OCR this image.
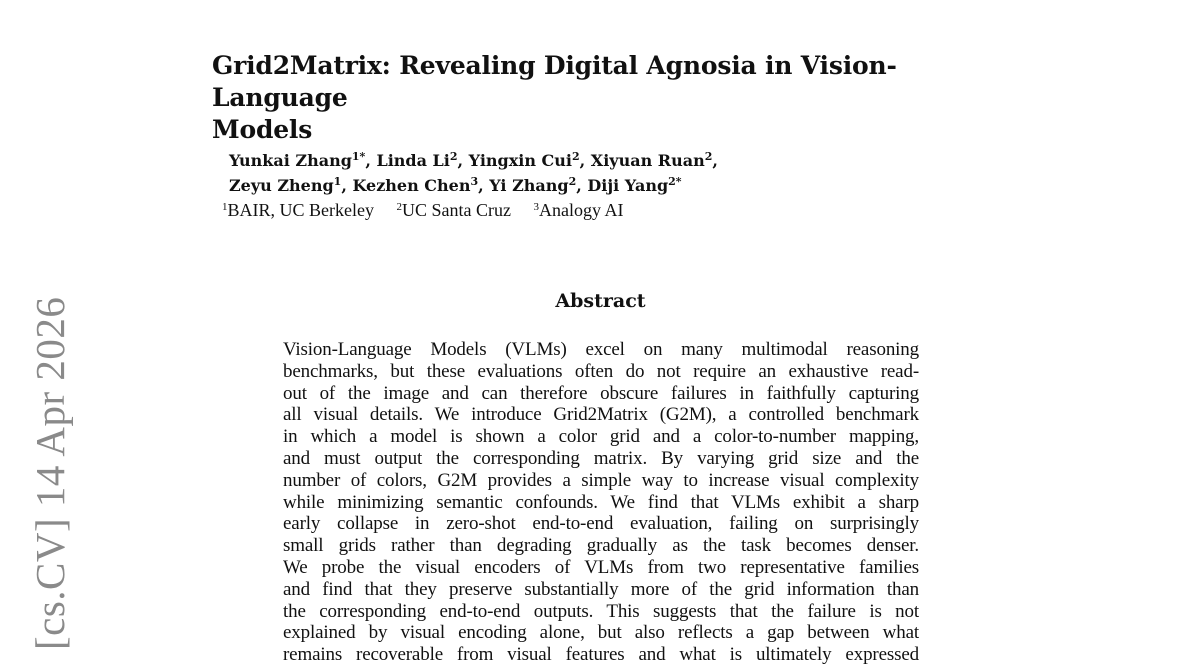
[cs.CV] 14 Apr 2026
Grid2Matrix: Revealing Digital Agnosia in Vision-Language
Models
Yunkai Zhang$^{1*}$, Linda Li$^2$, Yingxin Cui$^2$, Xiyuan Ruan$^2$,
Zeyu Zheng$^1$, Kezhen Chen$^3$, Yi Zhang$^2$, Diji Yang$^{2*}$
$^1$BAIR, UC Berkeley $^2$UC Santa Cruz $^3$Analogy AI
Abstract
Vision-Language Models (VLMs) excel on many multimodal reasoning
benchmarks, but these evaluations often do not require an exhaustive read-
out of the image and can therefore obscure failures in faithfully capturing
all visual details. We introduce Grid2Matrix (G2M), a controlled benchmark
in which a model is shown a color grid and a color-to-number mapping,
and must output the corresponding matrix. By varying grid size and the
number of colors, G2M provides a simple way to increase visual complexity
while minimizing semantic confounds. We find that VLMs exhibit a sharp
early collapse in zero-shot end-to-end evaluation, failing on surprisingly
small grids rather than degrading gradually as the task becomes denser.
We probe the visual encoders of VLMs from two representative families
and find that they preserve substantially more of the grid information than
the corresponding end-to-end outputs. This suggests that the failure is not
explained by visual encoding alone, but also reflects a gap between what
remains recoverable from visual features and what is ultimately expressed
